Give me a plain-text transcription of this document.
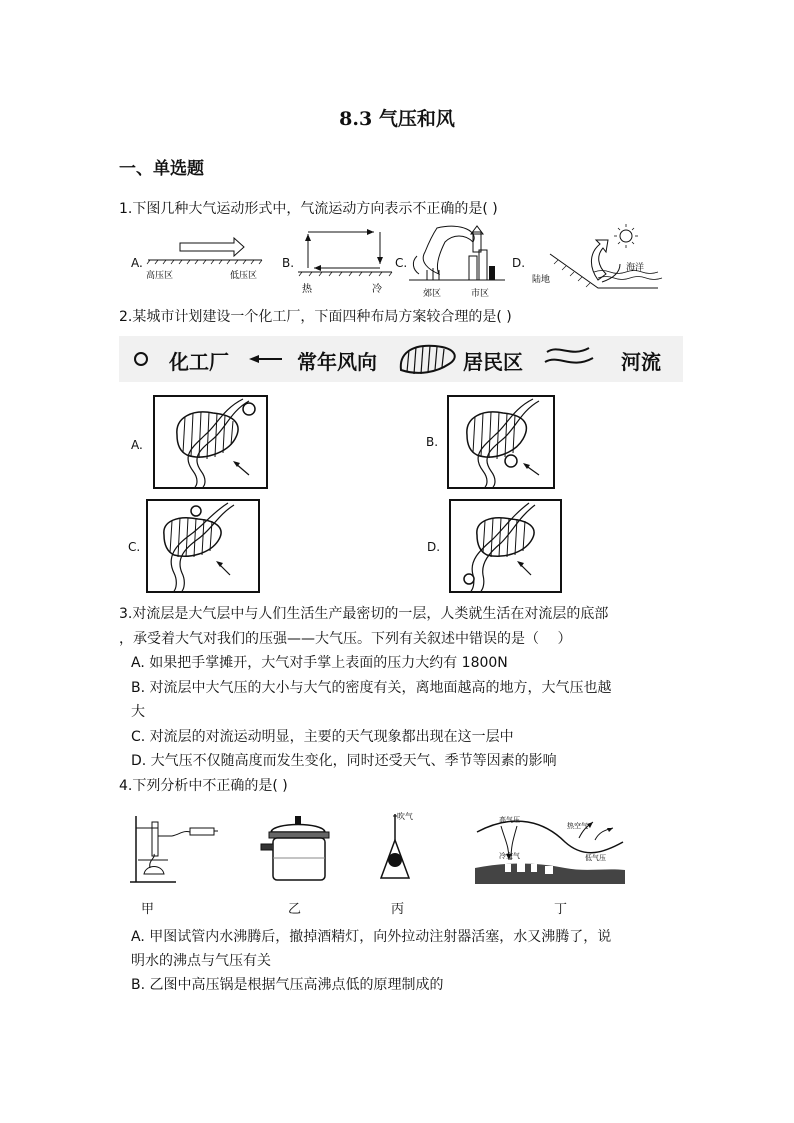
8.3 气压和风
一、单选题
1.下图几种大气运动形式中，气流运动方向表示不正确的是( )
A.
高压区	低压区
B.
热	冷
C.
郊区	市区
D.
陆地
海洋
2.某城市计划建设一个化工厂，下面四种布局方案较合理的是( )
化工厂	常年风向	居民区	河流
A.	B.
C.	D.
3.对流层是大气层中与人们生活生产最密切的一层，人类就生活在对流层的底部
，承受着大气对我们的压强——大气压。下列有关叙述中错误的是（　 ）
A. 如果把手掌摊开，大气对手掌上表面的压力大约有 1800N
B. 对流层中大气压的大小与大气的密度有关，离地面越高的地方，大气压也越
大
C. 对流层的对流运动明显，主要的天气现象都出现在这一层中
D. 大气压不仅随高度而发生变化，同时还受天气、季节等因素的影响
4.下列分析中不正确的是( )
吹气	高气压
热空气
冷空气	低气压
甲	乙	丙	丁
A. 甲图试管内水沸腾后，撤掉酒精灯，向外拉动注射器活塞，水又沸腾了，说
明水的沸点与气压有关
B. 乙图中高压锅是根据气压高沸点低的原理制成的
